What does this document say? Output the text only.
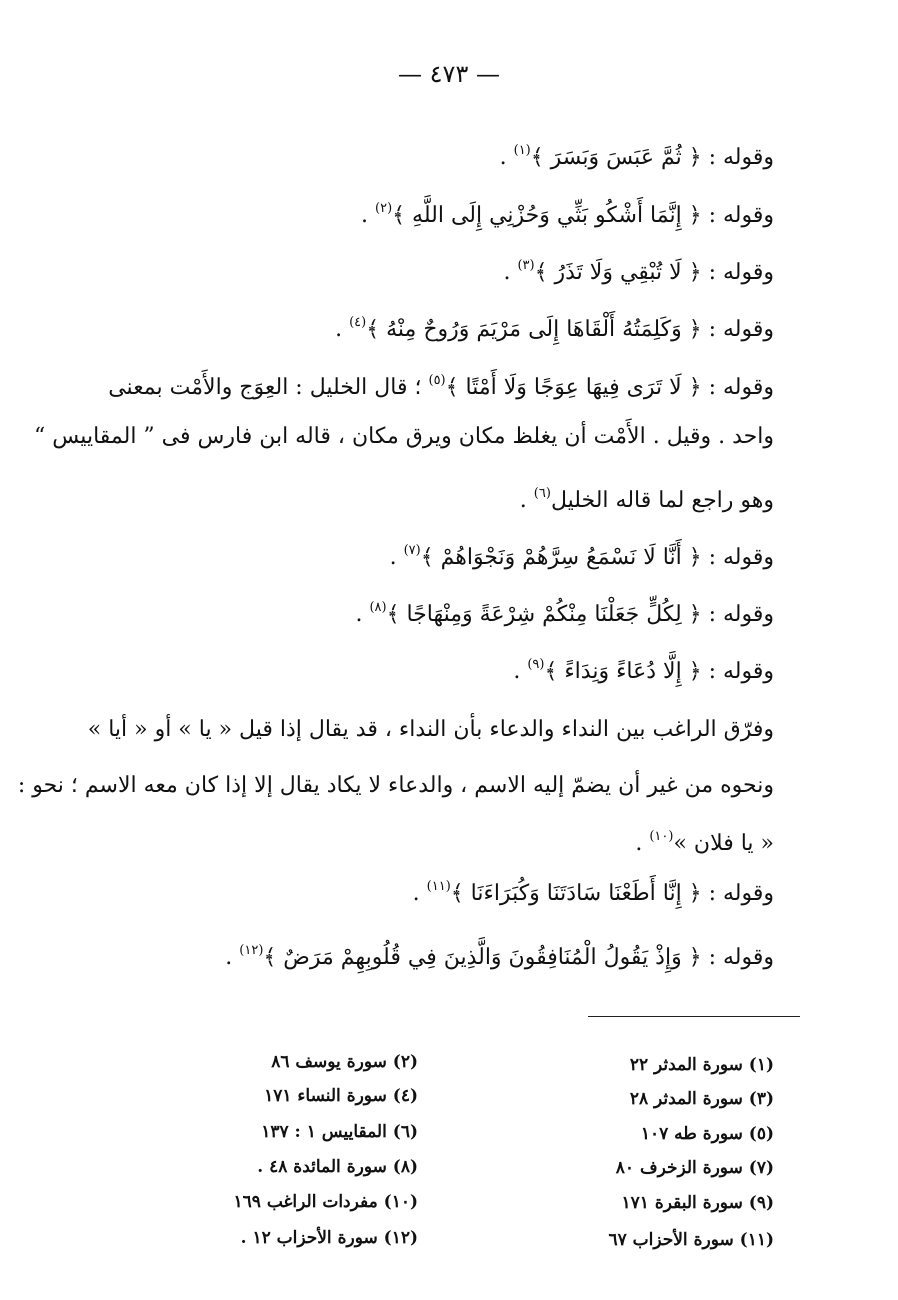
— ٤٧٣ —
وقوله : ﴿ ثُمَّ عَبَسَ وَبَسَرَ ﴾$^{(١)}$ .
وقوله : ﴿ إِنَّمَا أَشْكُو بَثِّي وَحُزْنِي إِلَى اللَّهِ ﴾$^{(٢)}$ .
وقوله : ﴿ لَا تُبْقِي وَلَا تَذَرُ ﴾$^{(٣)}$ .
وقوله : ﴿ وَكَلِمَتُهُ أَلْقَاهَا إِلَى مَرْيَمَ وَرُوحٌ مِنْهُ ﴾$^{(٤)}$ .
وقوله : ﴿ لَا تَرَى فِيهَا عِوَجًا وَلَا أَمْتًا ﴾$^{(٥)}$ ؛ قال الخليل : العِوَج والأَمْت بمعنى
واحد . وقيل . الأَمْت أن يغلظ مكان ويرق مكان ، قاله ابن فارس فى ” المقاييس “
وهو راجع لما قاله الخليل$^{(٦)}$ .
وقوله : ﴿ أَنَّا لَا نَسْمَعُ سِرَّهُمْ وَنَجْوَاهُمْ ﴾$^{(٧)}$ .
وقوله : ﴿ لِكُلٍّ جَعَلْنَا مِنْكُمْ شِرْعَةً وَمِنْهَاجًا ﴾$^{(٨)}$ .
وقوله : ﴿ إِلَّا دُعَاءً وَنِدَاءً ﴾$^{(٩)}$ .
وفرّق الراغب بين النداء والدعاء بأن النداء ، قد يقال إذا قيل « يا » أو « أيا »
ونحوه من غير أن يضمّ إليه الاسم ، والدعاء لا يكاد يقال إلا إذا كان معه الاسم ؛ نحو :
« يا فلان »$^{(١٠)}$ .
وقوله : ﴿ إِنَّا أَطَعْنَا سَادَتَنَا وَكُبَرَاءَنَا ﴾$^{(١١)}$ .
وقوله : ﴿ وَإِذْ يَقُولُ الْمُنَافِقُونَ وَالَّذِينَ فِي قُلُوبِهِمْ مَرَضٌ ﴾$^{(١٢)}$ .
(١) سورة المدثر ٢٢
(٣) سورة المدثر ٢٨
(٥) سورة طه ١٠٧
(٧) سورة الزخرف ٨٠
(٩) سورة البقرة ١٧١
(١١) سورة الأحزاب ٦٧
(٢) سورة يوسف ٨٦
(٤) سورة النساء ١٧١
(٦) المقاييس ١ : ١٣٧
(٨) سورة المائدة ٤٨ .
(١٠) مفردات الراغب ١٦٩
(١٢) سورة الأحزاب ١٢ .
